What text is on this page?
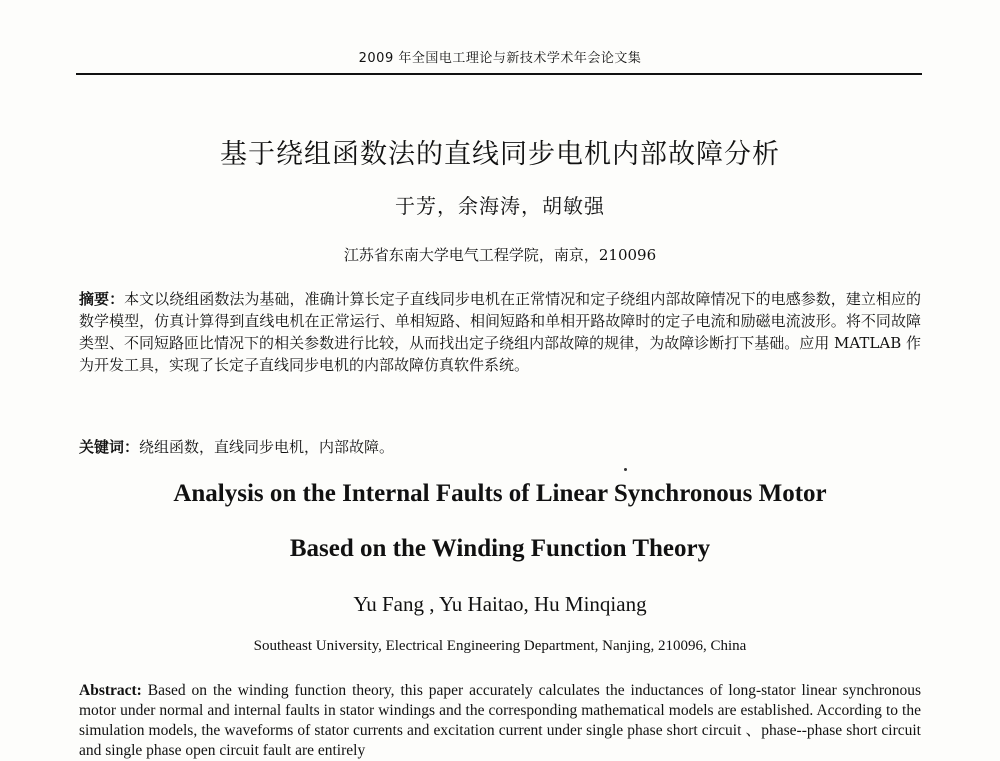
2009 年全国电工理论与新技术学术年会论文集
基于绕组函数法的直线同步电机内部故障分析
于芳，余海涛，胡敏强
江苏省东南大学电气工程学院，南京，210096
摘要：本文以绕组函数法为基础，准确计算长定子直线同步电机在正常情况和定子绕组内部故障情况下的电感参数，建立相应的数学模型，仿真计算得到直线电机在正常运行、单相短路、相间短路和单相开路故障时的定子电流和励磁电流波形。将不同故障类型、不同短路匝比情况下的相关参数进行比较，从而找出定子绕组内部故障的规律，为故障诊断打下基础。应用 MATLAB 作为开发工具，实现了长定子直线同步电机的内部故障仿真软件系统。
关键词：绕组函数，直线同步电机，内部故障。
Analysis on the Internal Faults of Linear Synchronous Motor
Based on the Winding Function Theory
Yu Fang , Yu Haitao, Hu Minqiang
Southeast University, Electrical Engineering Department, Nanjing, 210096, China
Abstract: Based on the winding function theory, this paper accurately calculates the inductances of long-stator linear synchronous motor under normal and internal faults in stator windings and the corresponding mathematical models are established. According to the simulation models, the waveforms of stator currents and excitation current under single phase short circuit 、phase--phase short circuit and single phase open circuit fault are entirely
